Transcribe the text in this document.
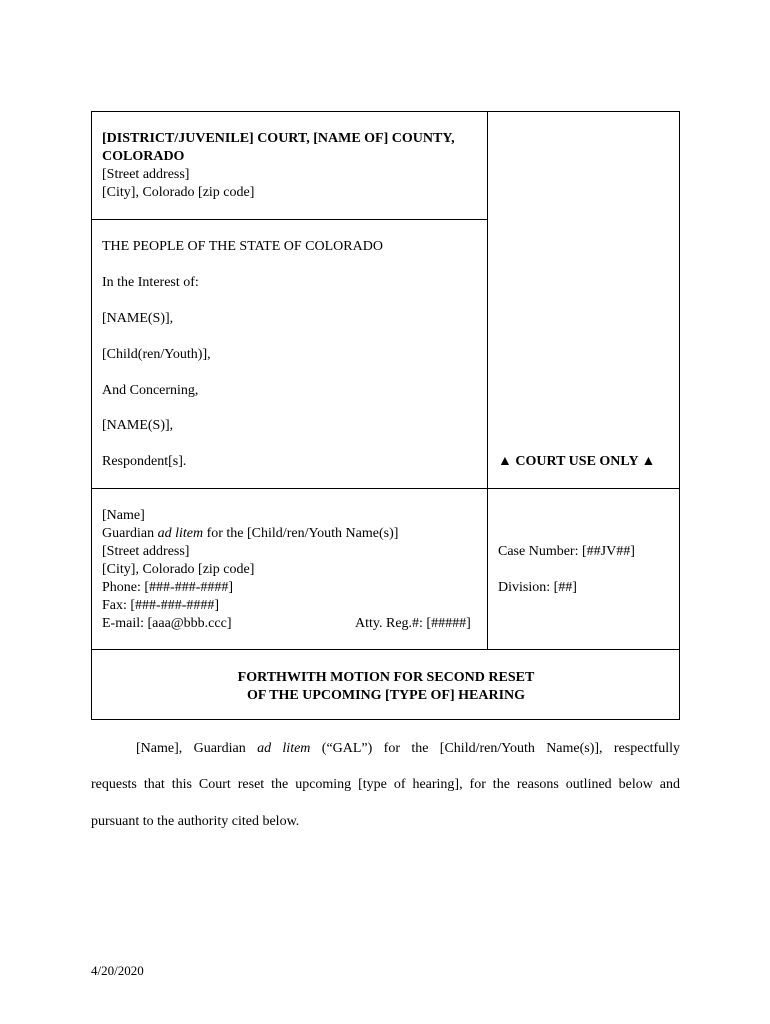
[DISTRICT/JUVENILE] COURT, [NAME OF] COUNTY,
COLORADO
[Street address]
[City], Colorado [zip code]
THE PEOPLE OF THE STATE OF COLORADO
In the Interest of:
[NAME(S)],
[Child(ren/Youth)],
And Concerning,
[NAME(S)],
Respondent[s].	▲ COURT USE ONLY ▲
[Name]
Guardian ad litem for the [Child/ren/Youth Name(s)]
[Street address]
[City], Colorado [zip code]
Phone: [###-###-####]
Fax: [###-###-####]
E-mail: [aaa@bbb.ccc]	Atty. Reg.#: [#####]
Case Number: [##JV##]
Division: [##]
FORTHWITH MOTION FOR SECOND RESET
OF THE UPCOMING [TYPE OF] HEARING
[Name], Guardian ad litem (“GAL”) for the [Child/ren/Youth Name(s)], respectfully
requests that this Court reset the upcoming [type of hearing], for the reasons outlined below and
pursuant to the authority cited below.
4/20/2020
